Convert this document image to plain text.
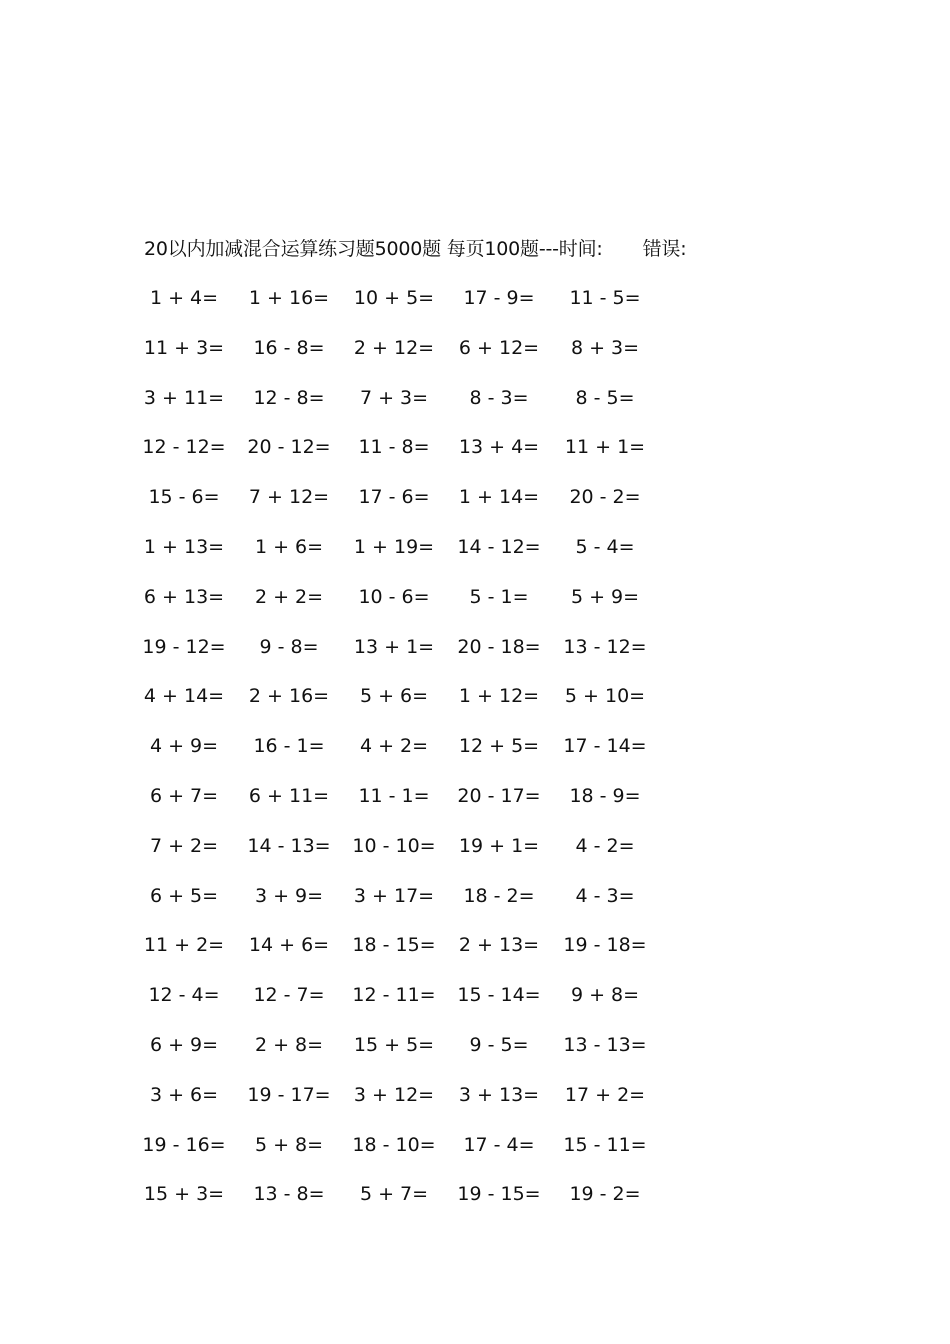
20以内加减混合运算练习题5000题 每页100题---时间: 错误:
1 + 4=	1 + 16=	10 + 5=	17 - 9=	11 - 5=
11 + 3=	16 - 8=	2 + 12=	6 + 12=	8 + 3=
3 + 11=	12 - 8=	7 + 3=	8 - 3=	8 - 5=
12 - 12=	20 - 12=	11 - 8=	13 + 4=	11 + 1=
15 - 6=	7 + 12=	17 - 6=	1 + 14=	20 - 2=
1 + 13=	1 + 6=	1 + 19=	14 - 12=	5 - 4=
6 + 13=	2 + 2=	10 - 6=	5 - 1=	5 + 9=
19 - 12=	9 - 8=	13 + 1=	20 - 18=	13 - 12=
4 + 14=	2 + 16=	5 + 6=	1 + 12=	5 + 10=
4 + 9=	16 - 1=	4 + 2=	12 + 5=	17 - 14=
6 + 7=	6 + 11=	11 - 1=	20 - 17=	18 - 9=
7 + 2=	14 - 13=	10 - 10=	19 + 1=	4 - 2=
6 + 5=	3 + 9=	3 + 17=	18 - 2=	4 - 3=
11 + 2=	14 + 6=	18 - 15=	2 + 13=	19 - 18=
12 - 4=	12 - 7=	12 - 11=	15 - 14=	9 + 8=
6 + 9=	2 + 8=	15 + 5=	9 - 5=	13 - 13=
3 + 6=	19 - 17=	3 + 12=	3 + 13=	17 + 2=
19 - 16=	5 + 8=	18 - 10=	17 - 4=	15 - 11=
15 + 3=	13 - 8=	5 + 7=	19 - 15=	19 - 2=
